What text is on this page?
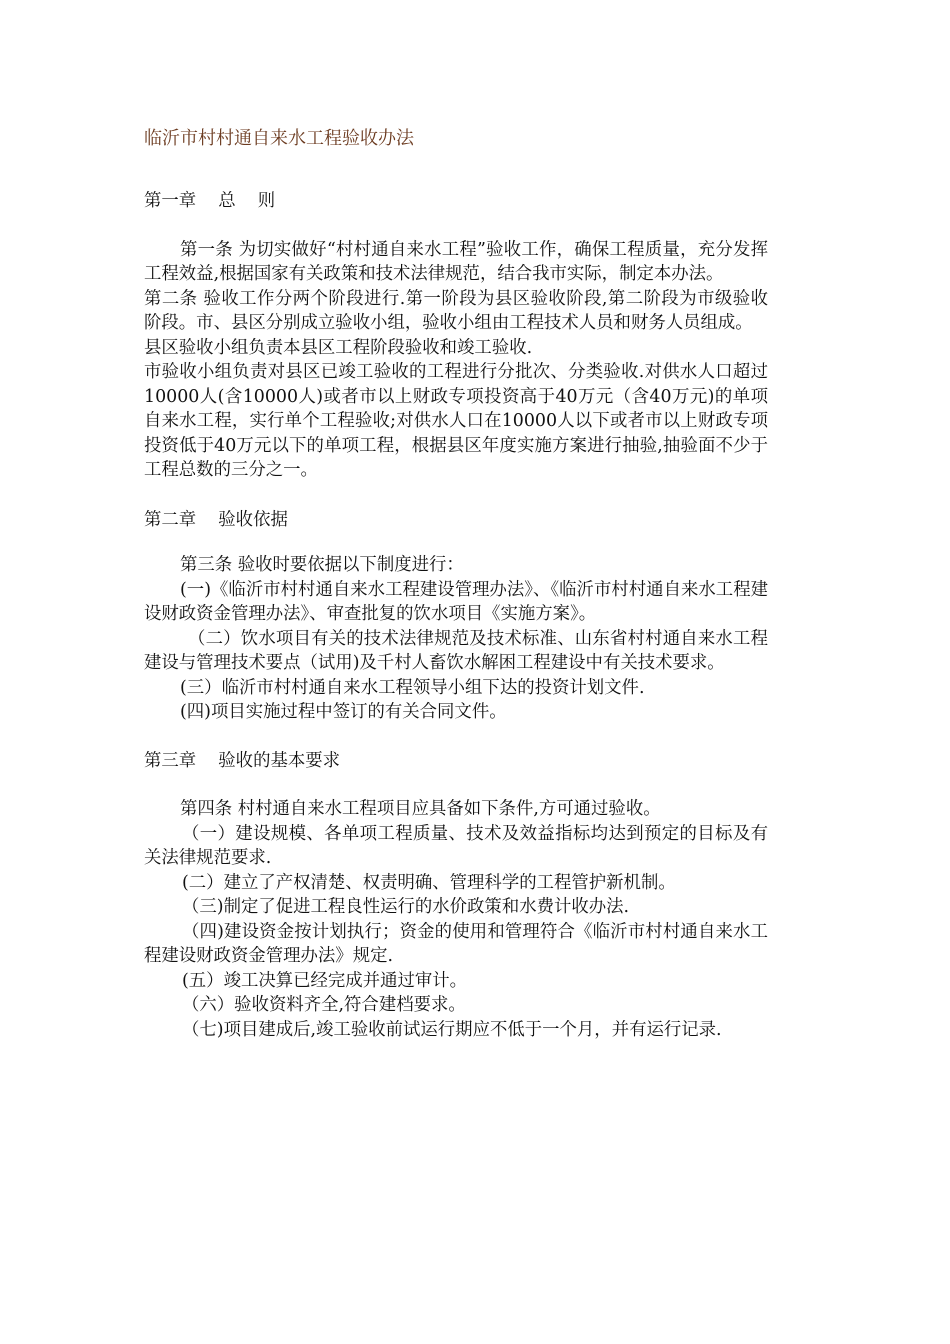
临沂市村村通自来水工程验收办法

第一章    总    则

第一条 为切实做好“村村通自来水工程”验收工作，确保工程质量，充分发挥工程效益,根据国家有关政策和技术法律规范，结合我市实际，制定本办法。

第二条 验收工作分两个阶段进行.第一阶段为县区验收阶段,第二阶段为市级验收阶段。市、县区分别成立验收小组，验收小组由工程技术人员和财务人员组成。

县区验收小组负责本县区工程阶段验收和竣工验收.

市验收小组负责对县区已竣工验收的工程进行分批次、分类验收.对供水人口超过10000人(含10000人)或者市以上财政专项投资高于40万元（含40万元)的单项自来水工程，实行单个工程验收;对供水人口在10000人以下或者市以上财政专项投资低于40万元以下的单项工程，根据县区年度实施方案进行抽验,抽验面不少于工程总数的三分之一。

第二章    验收依据

第三条 验收时要依据以下制度进行：

(一)《临沂市村村通自来水工程建设管理办法》、《临沂市村村通自来水工程建设财政资金管理办法》、审查批复的饮水项目《实施方案》。

（二）饮水项目有关的技术法律规范及技术标准、山东省村村通自来水工程建设与管理技术要点（试用)及千村人畜饮水解困工程建设中有关技术要求。

(三）临沂市村村通自来水工程领导小组下达的投资计划文件.

(四)项目实施过程中签订的有关合同文件。

第三章    验收的基本要求

第四条 村村通自来水工程项目应具备如下条件,方可通过验收。

（一）建设规模、各单项工程质量、技术及效益指标均达到预定的目标及有关法律规范要求.

(二）建立了产权清楚、权责明确、管理科学的工程管护新机制。

（三)制定了促进工程良性运行的水价政策和水费计收办法.

（四)建设资金按计划执行；资金的使用和管理符合《临沂市村村通自来水工程建设财政资金管理办法》规定.

(五）竣工决算已经完成并通过审计。

（六）验收资料齐全,符合建档要求。

（七)项目建成后,竣工验收前试运行期应不低于一个月，并有运行记录.
